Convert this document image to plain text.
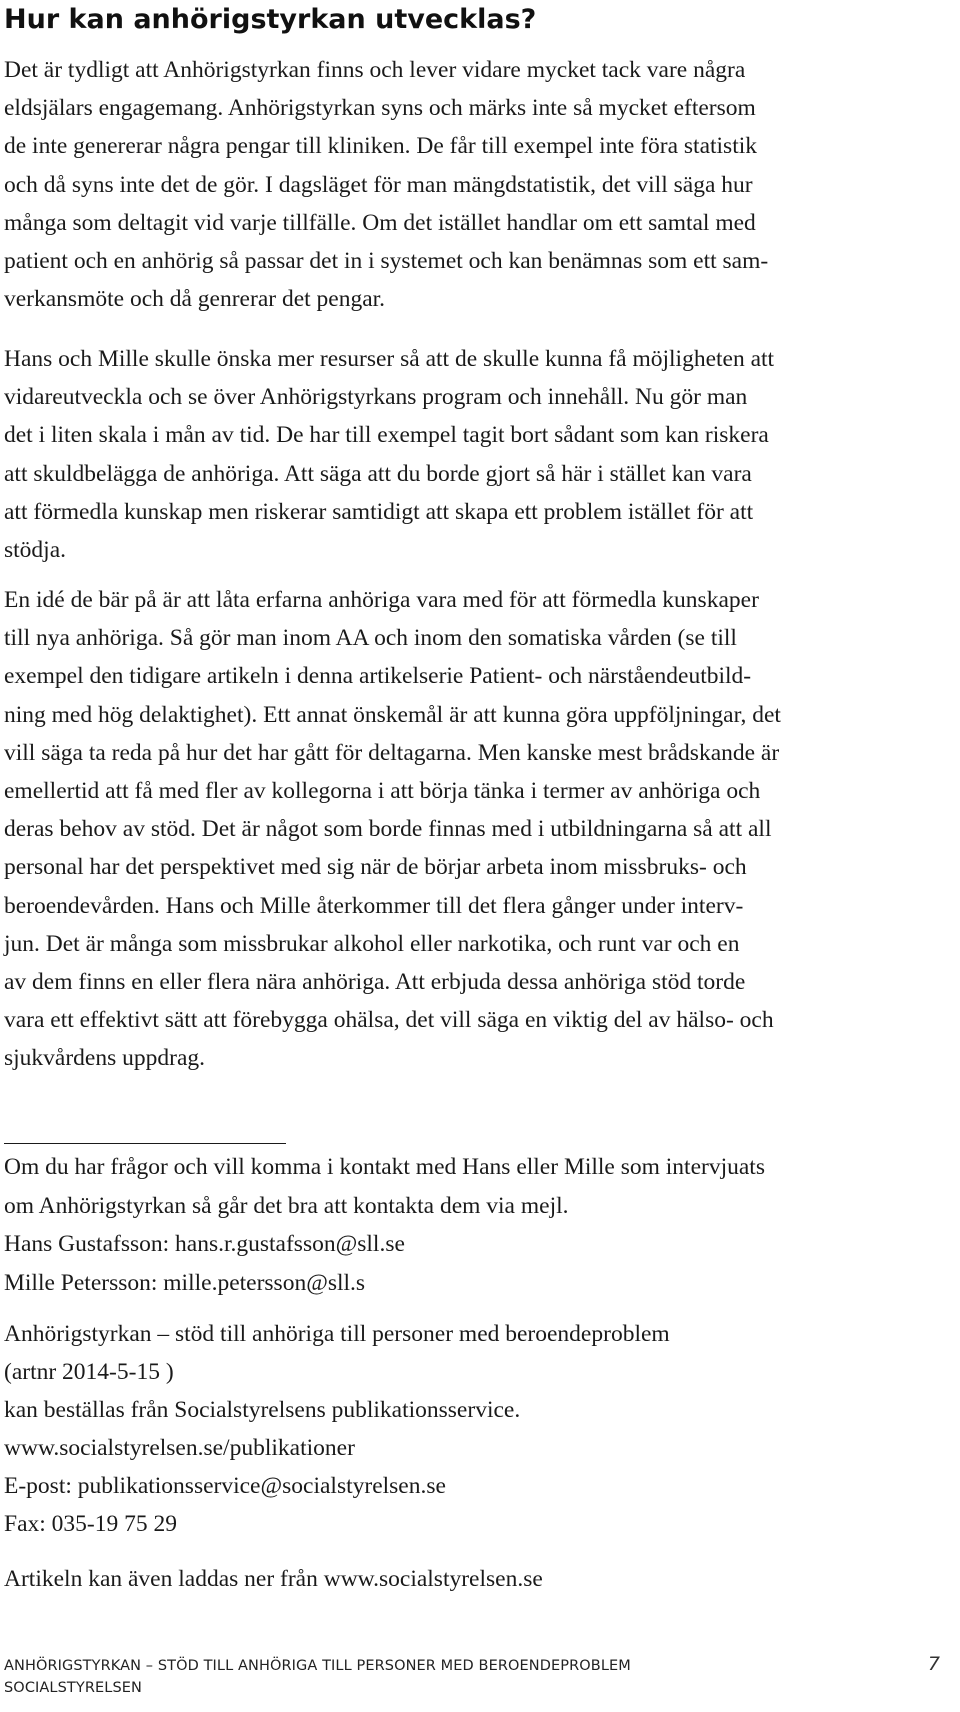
Hur kan anhörigstyrkan utvecklas?

Det är tydligt att Anhörigstyrkan finns och lever vidare mycket tack vare några
eldsjälars engagemang. Anhörigstyrkan syns och märks inte så mycket eftersom
de inte genererar några pengar till kliniken. De får till exempel inte föra statistik
och då syns inte det de gör. I dagsläget för man mängdstatistik, det vill säga hur
många som deltagit vid varje tillfälle. Om det istället handlar om ett samtal med
patient och en anhörig så passar det in i systemet och kan benämnas som ett sam-
verkansmöte och då genrerar det pengar.

Hans och Mille skulle önska mer resurser så att de skulle kunna få möjligheten att
vidareutveckla och se över Anhörigstyrkans program och innehåll. Nu gör man
det i liten skala i mån av tid. De har till exempel tagit bort sådant som kan riskera
att skuldbelägga de anhöriga. Att säga att du borde gjort så här i stället kan vara
att förmedla kunskap men riskerar samtidigt att skapa ett problem istället för att
stödja.

En idé de bär på är att låta erfarna anhöriga vara med för att förmedla kunskaper
till nya anhöriga. Så gör man inom AA och inom den somatiska vården (se till
exempel den tidigare artikeln i denna artikelserie Patient- och närståendeutbild-
ning med hög delaktighet). Ett annat önskemål är att kunna göra uppföljningar, det
vill säga ta reda på hur det har gått för deltagarna. Men kanske mest brådskande är
emellertid att få med fler av kollegorna i att börja tänka i termer av anhöriga och
deras behov av stöd. Det är något som borde finnas med i utbildningarna så att all
personal har det perspektivet med sig när de börjar arbeta inom missbruks- och
beroendevården. Hans och Mille återkommer till det flera gånger under interv-
jun. Det är många som missbrukar alkohol eller narkotika, och runt var och en
av dem finns en eller flera nära anhöriga. Att erbjuda dessa anhöriga stöd torde
vara ett effektivt sätt att förebygga ohälsa, det vill säga en viktig del av hälso- och
sjukvårdens uppdrag.

Om du har frågor och vill komma i kontakt med Hans eller Mille som intervjuats
om Anhörigstyrkan så går det bra att kontakta dem via mejl.
Hans Gustafsson: hans.r.gustafsson@sll.se
Mille Petersson: mille.petersson@sll.s
Anhörigstyrkan – stöd till anhöriga till personer med beroendeproblem
(artnr 2014-5-15 )
kan beställas från Socialstyrelsens publikationsservice.
www.socialstyrelsen.se/publikationer
E-post: publikationsservice@socialstyrelsen.se
Fax: 035-19 75 29
Artikeln kan även laddas ner från www.socialstyrelsen.se
ANHÖRIGSTYRKAN – STÖD TILL ANHÖRIGA TILL PERSONER MED BEROENDEPROBLEM
SOCIALSTYRELSEN
7
